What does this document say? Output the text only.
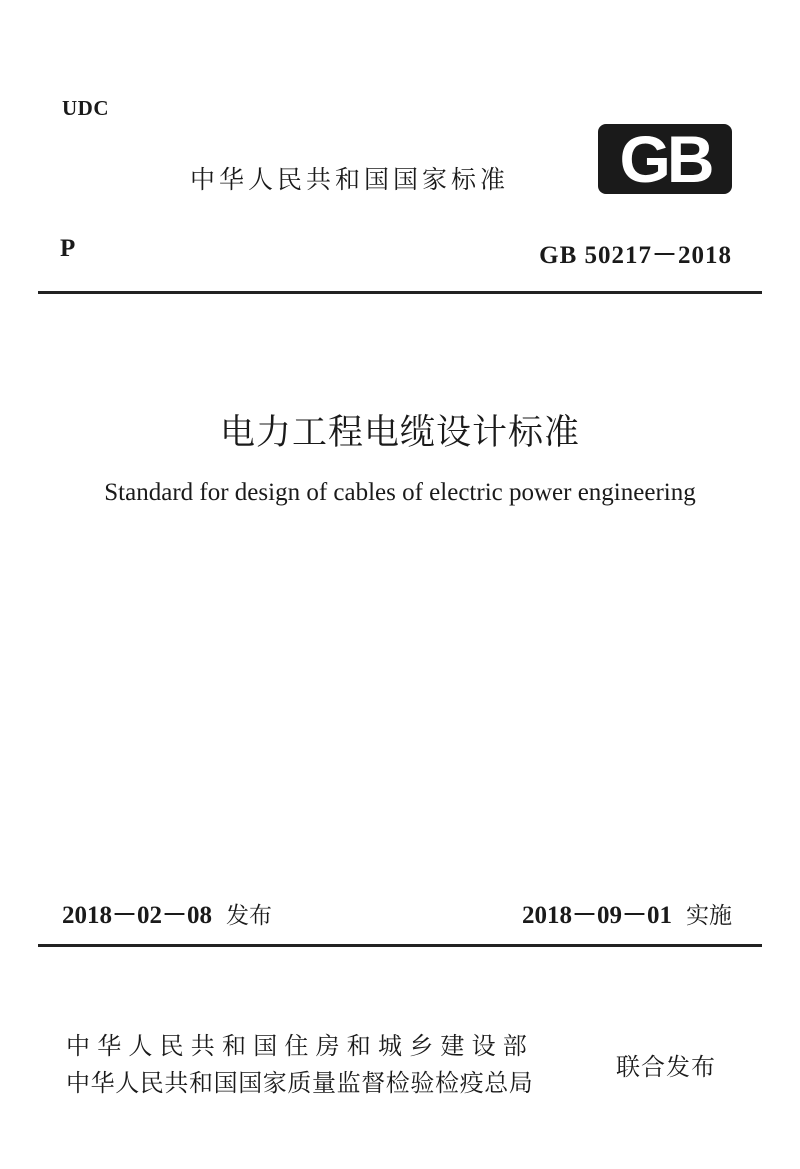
UDC
中华人民共和国国家标准 GB
P	GB 50217－2018
电力工程电缆设计标准
Standard for design of cables of electric power engineering
2018－02－08 发布	2018－09－01 实施
中华人民共和国住房和城乡建设部
中华人民共和国国家质量监督检验检疫总局
联合发布
